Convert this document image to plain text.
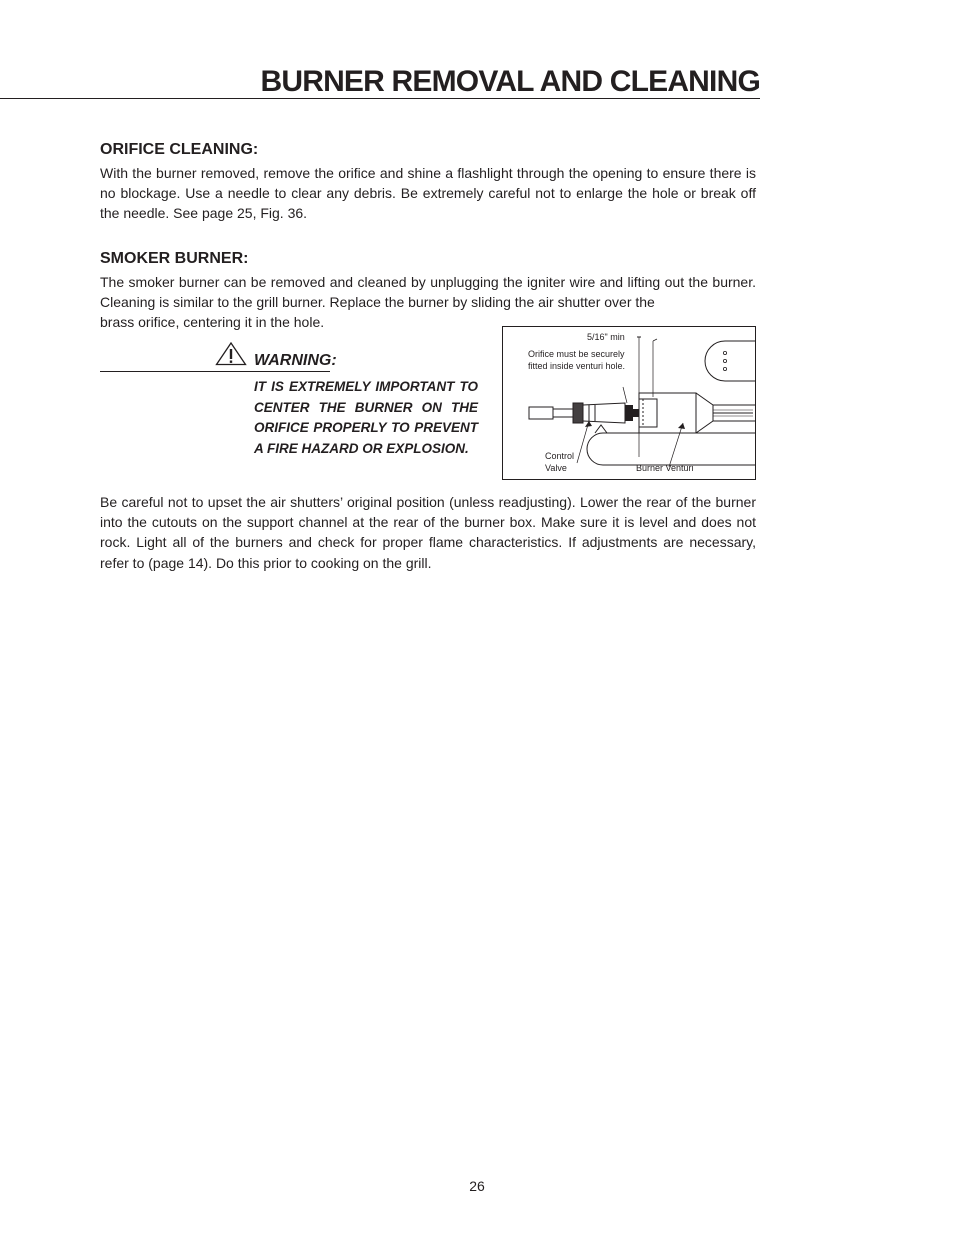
BURNER REMOVAL AND CLEANING
ORIFICE CLEANING:

With the burner removed, remove the orifice and shine a flashlight through the opening to ensure there is no blockage. Use a needle to clear any debris. Be extremely careful not to enlarge the hole or break off the needle. See page 25, Fig. 36.

SMOKER BURNER:

The smoker burner can be removed and cleaned by unplugging the igniter wire and lifting out the burner. Cleaning is similar to the grill burner. Replace the burner by sliding the air shutter over the

brass orifice, centering it in the hole.

WARNING:

IT IS EXTREMELY IMPORTANT TO CENTER THE BURNER ON THE ORIFICE PROPERLY TO PREVENT A FIRE HAZARD OR EXPLOSION.

5/16" min

Orifice must be securely

fitted inside venturi hole.

Control

Valve	Burner Venturi

Be careful not to upset the air shutters’ original position (unless readjusting). Lower the rear of the burner into the cutouts on the support channel at the rear of the burner box. Make sure it is level and does not rock. Light all of the burners and check for proper flame characteristics. If adjustments are necessary, refer to (page 14). Do this prior to cooking on the grill.

26
